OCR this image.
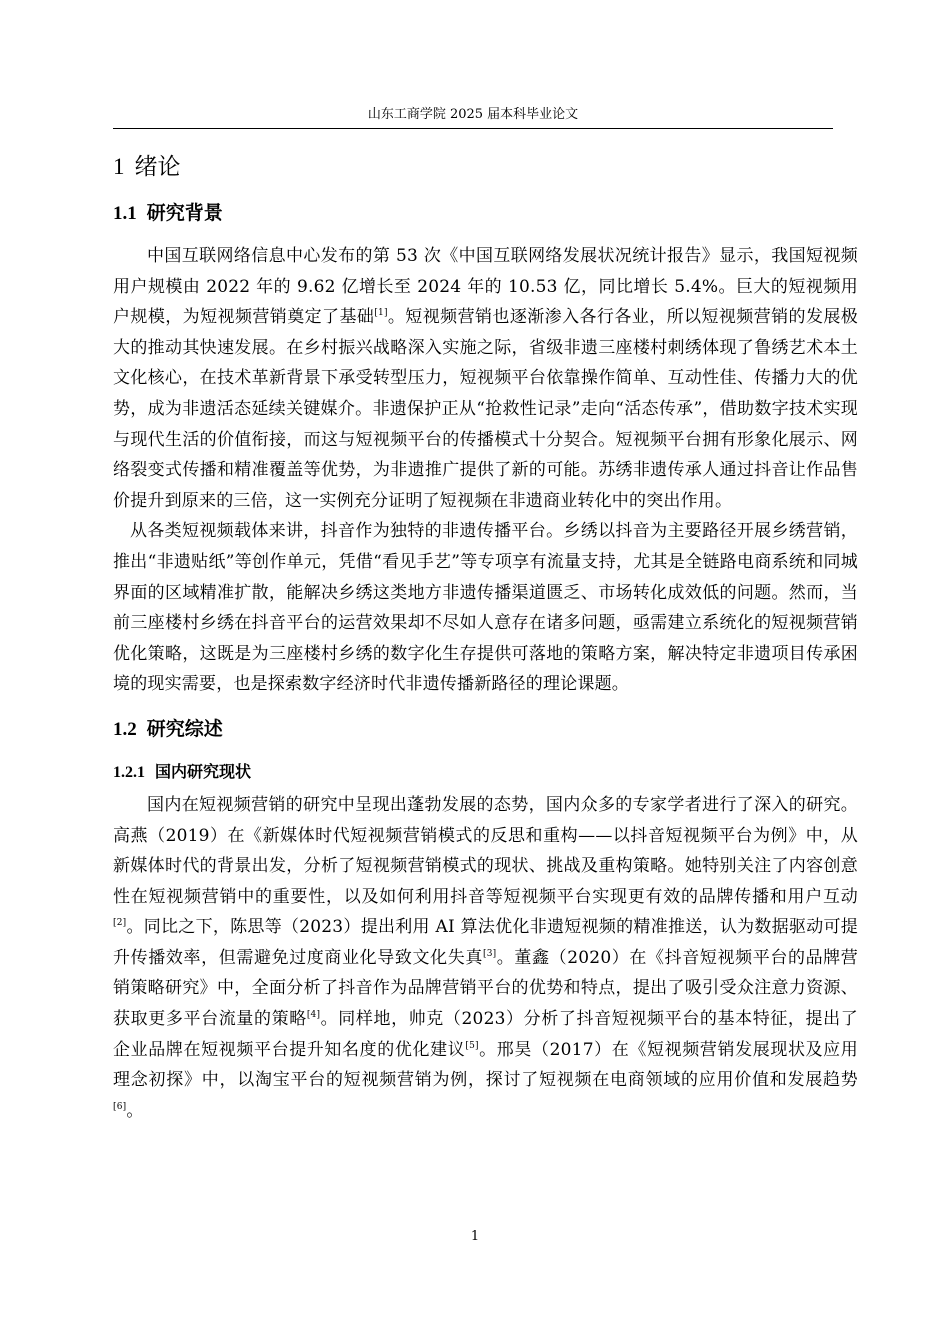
山东工商学院 2025 届本科毕业论文
1 绪论
1.1 研究背景

中国互联网络信息中心发布的第 53 次《中国互联网络发展状况统计报告》显示，我国短视频用户规模由 2022 年的 9.62 亿增长至 2024 年的 10.53 亿，同比增长 5.4%。巨大的短视频用户规模，为短视频营销奠定了基础[1]。短视频营销也逐渐渗入各行各业，所以短视频营销的发展极大的推动其快速发展。在乡村振兴战略深入实施之际，省级非遗三座楼村刺绣体现了鲁绣艺术本土文化核心，在技术革新背景下承受转型压力，短视频平台依靠操作简单、互动性佳、传播力大的优势，成为非遗活态延续关键媒介。非遗保护正从“抢救性记录”走向“活态传承”，借助数字技术实现与现代生活的价值衔接，而这与短视频平台的传播模式十分契合。短视频平台拥有形象化展示、网络裂变式传播和精准覆盖等优势，为非遗推广提供了新的可能。苏绣非遗传承人通过抖音让作品售价提升到原来的三倍，这一实例充分证明了短视频在非遗商业转化中的突出作用。

从各类短视频载体来讲，抖音作为独特的非遗传播平台。乡绣以抖音为主要路径开展乡绣营销，推出“非遗贴纸”等创作单元，凭借“看见手艺”等专项享有流量支持，尤其是全链路电商系统和同城界面的区域精准扩散，能解决乡绣这类地方非遗传播渠道匮乏、市场转化成效低的问题。然而，当前三座楼村乡绣在抖音平台的运营效果却不尽如人意存在诸多问题，亟需建立系统化的短视频营销优化策略，这既是为三座楼村乡绣的数字化生存提供可落地的策略方案，解决特定非遗项目传承困境的现实需要，也是探索数字经济时代非遗传播新路径的理论课题。

1.2 研究综述
1.2.1 国内研究现状

国内在短视频营销的研究中呈现出蓬勃发展的态势，国内众多的专家学者进行了深入的研究。高燕（2019）在《新媒体时代短视频营销模式的反思和重构——以抖音短视频平台为例》中，从新媒体时代的背景出发，分析了短视频营销模式的现状、挑战及重构策略。她特别关注了内容创意性在短视频营销中的重要性，以及如何利用抖音等短视频平台实现更有效的品牌传播和用户互动[2]。同比之下，陈思等（2023）提出利用 AI 算法优化非遗短视频的精准推送，认为数据驱动可提升传播效率，但需避免过度商业化导致文化失真[3]。董鑫（2020）在《抖音短视频平台的品牌营销策略研究》中，全面分析了抖音作为品牌营销平台的优势和特点，提出了吸引受众注意力资源、获取更多平台流量的策略[4]。同样地，帅克（2023）分析了抖音短视频平台的基本特征，提出了企业品牌在短视频平台提升知名度的优化建议[5]。邢昊（2017）在《短视频营销发展现状及应用理念初探》中，以淘宝平台的短视频营销为例，探讨了短视频在电商领域的应用价值和发展趋势[6]。

1
